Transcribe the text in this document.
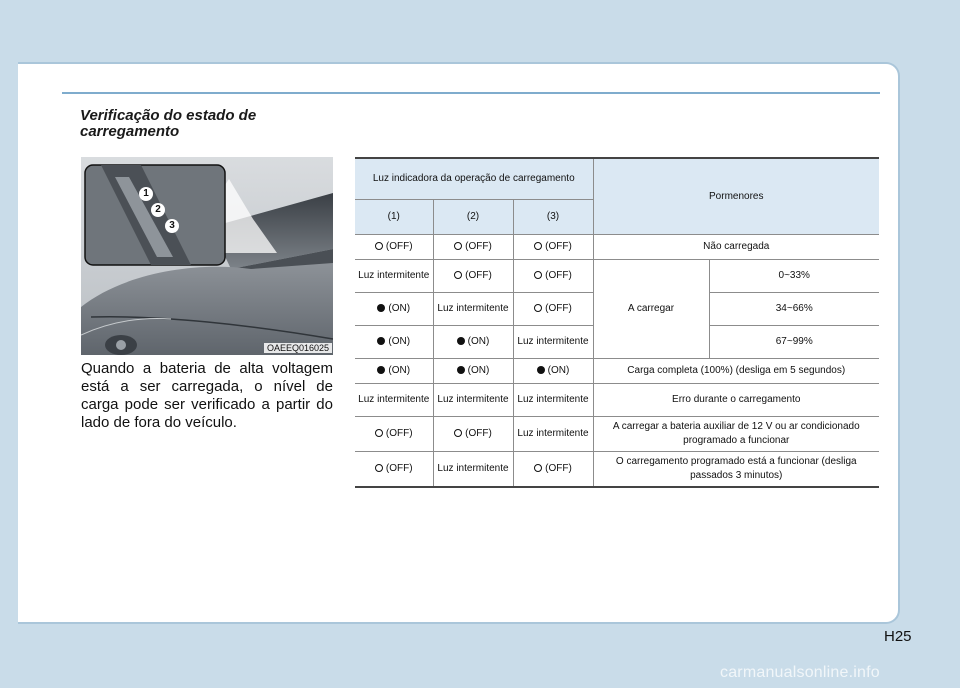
Verificação do estado de carregamento
1
2
3
OAEEQ016025
Quando a bateria de alta voltagem está a ser carregada, o nível de carga pode ser verificado a partir do lado de fora do veículo.
Luz indicadora da operação de carregamento			Pormenores	
(1)	(2)	(3)		
(OFF)	(OFF)	(OFF)	Não carregada	
Luz intermitente	(OFF)	(OFF)	A carregar	0~33%
(ON)	Luz intermitente	(OFF)		34~66%
(ON)	(ON)	Luz intermitente		67~99%
(ON)	(ON)	(ON)	Carga completa (100%) (desliga em 5 segundos)	
Luz intermitente	Luz intermitente	Luz intermitente	Erro durante o carregamento	
(OFF)	(OFF)	Luz intermitente	A carregar a bateria auxiliar de 12 V ou ar condicionado programado a funcionar	
(OFF)	Luz intermitente	(OFF)	O carregamento programado está a funcionar (desliga passados 3 minutos)	
H25
carmanualsonline.info
